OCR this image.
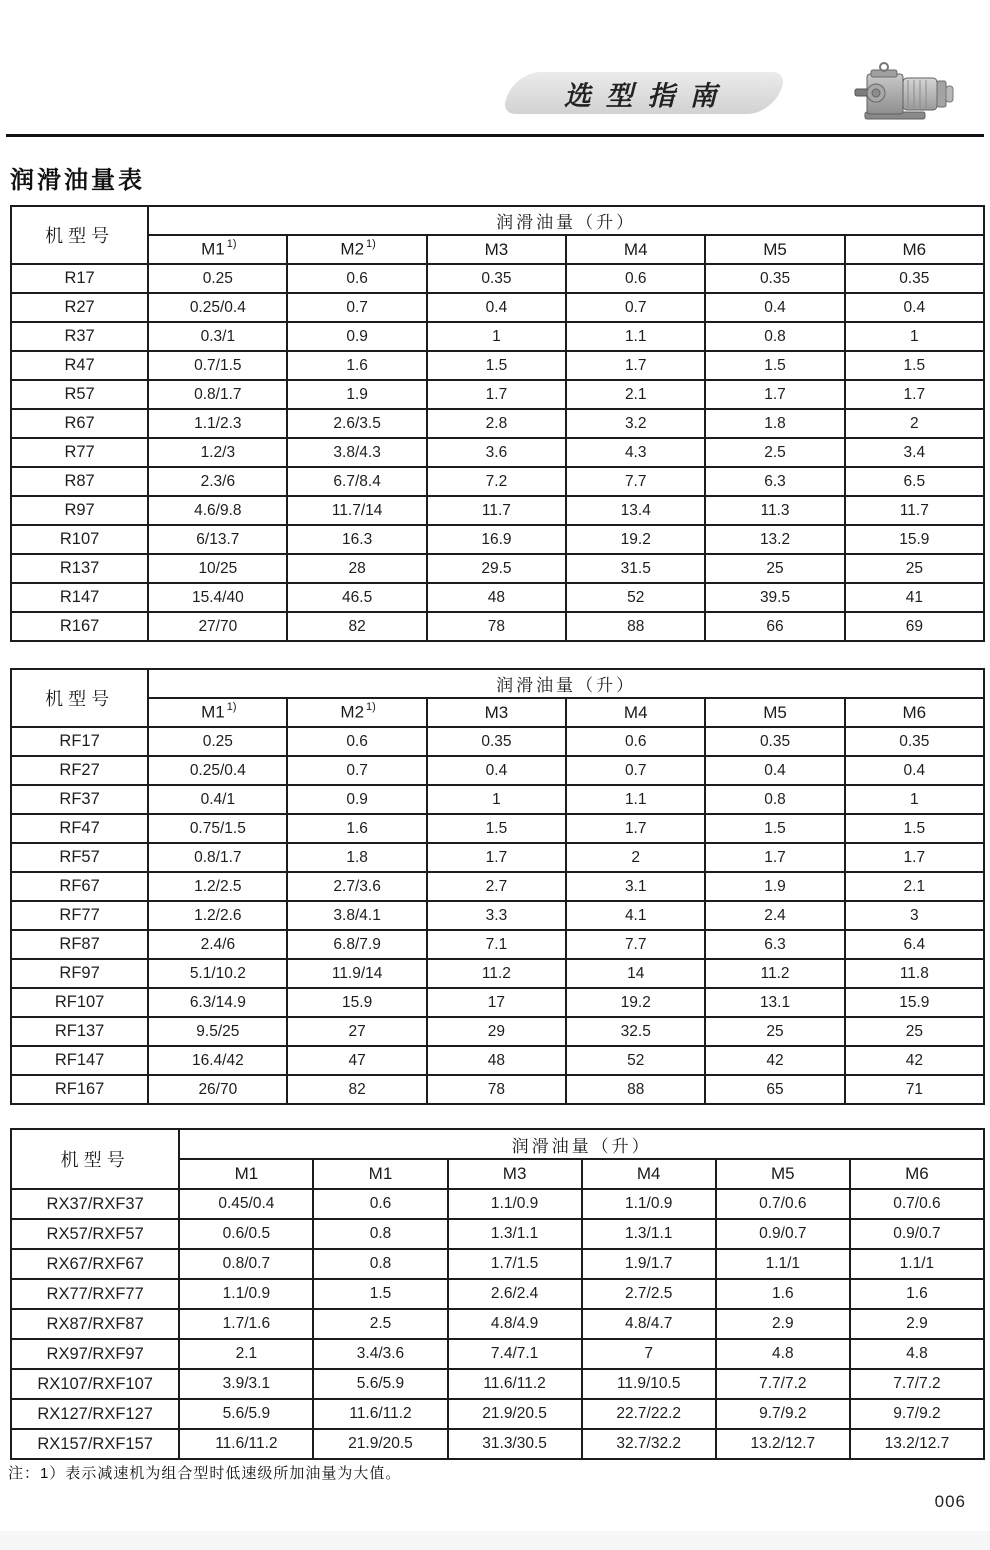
选型指南
润滑油量表
机型号	润滑油量（升）					
	M1 $^{1)}$	M2 $^{1)}$	M3	M4	M5	M6
R17	0.25	0.6	0.35	0.6	0.35	0.35
R27	0.25/0.4	0.7	0.4	0.7	0.4	0.4
R37	0.3/1	0.9	1	1.1	0.8	1
R47	0.7/1.5	1.6	1.5	1.7	1.5	1.5
R57	0.8/1.7	1.9	1.7	2.1	1.7	1.7
R67	1.1/2.3	2.6/3.5	2.8	3.2	1.8	2
R77	1.2/3	3.8/4.3	3.6	4.3	2.5	3.4
R87	2.3/6	6.7/8.4	7.2	7.7	6.3	6.5
R97	4.6/9.8	11.7/14	11.7	13.4	11.3	11.7
R107	6/13.7	16.3	16.9	19.2	13.2	15.9
R137	10/25	28	29.5	31.5	25	25
R147	15.4/40	46.5	48	52	39.5	41
R167	27/70	82	78	88	66	69
机型号	润滑油量（升）					
	M1 $^{1)}$	M2 $^{1)}$	M3	M4	M5	M6
RF17	0.25	0.6	0.35	0.6	0.35	0.35
RF27	0.25/0.4	0.7	0.4	0.7	0.4	0.4
RF37	0.4/1	0.9	1	1.1	0.8	1
RF47	0.75/1.5	1.6	1.5	1.7	1.5	1.5
RF57	0.8/1.7	1.8	1.7	2	1.7	1.7
RF67	1.2/2.5	2.7/3.6	2.7	3.1	1.9	2.1
RF77	1.2/2.6	3.8/4.1	3.3	4.1	2.4	3
RF87	2.4/6	6.8/7.9	7.1	7.7	6.3	6.4
RF97	5.1/10.2	11.9/14	11.2	14	11.2	11.8
RF107	6.3/14.9	15.9	17	19.2	13.1	15.9
RF137	9.5/25	27	29	32.5	25	25
RF147	16.4/42	47	48	52	42	42
RF167	26/70	82	78	88	65	71
机型号	润滑油量（升）					
	M1	M1	M3	M4	M5	M6
RX37/RXF37	0.45/0.4	0.6	1.1/0.9	1.1/0.9	0.7/0.6	0.7/0.6
RX57/RXF57	0.6/0.5	0.8	1.3/1.1	1.3/1.1	0.9/0.7	0.9/0.7
RX67/RXF67	0.8/0.7	0.8	1.7/1.5	1.9/1.7	1.1/1	1.1/1
RX77/RXF77	1.1/0.9	1.5	2.6/2.4	2.7/2.5	1.6	1.6
RX87/RXF87	1.7/1.6	2.5	4.8/4.9	4.8/4.7	2.9	2.9
RX97/RXF97	2.1	3.4/3.6	7.4/7.1	7	4.8	4.8
RX107/RXF107	3.9/3.1	5.6/5.9	11.6/11.2	11.9/10.5	7.7/7.2	7.7/7.2
RX127/RXF127	5.6/5.9	11.6/11.2	21.9/20.5	22.7/22.2	9.7/9.2	9.7/9.2
RX157/RXF157	11.6/11.2	21.9/20.5	31.3/30.5	32.7/32.2	13.2/12.7	13.2/12.7
注：1）表示减速机为组合型时低速级所加油量为大值。
006
